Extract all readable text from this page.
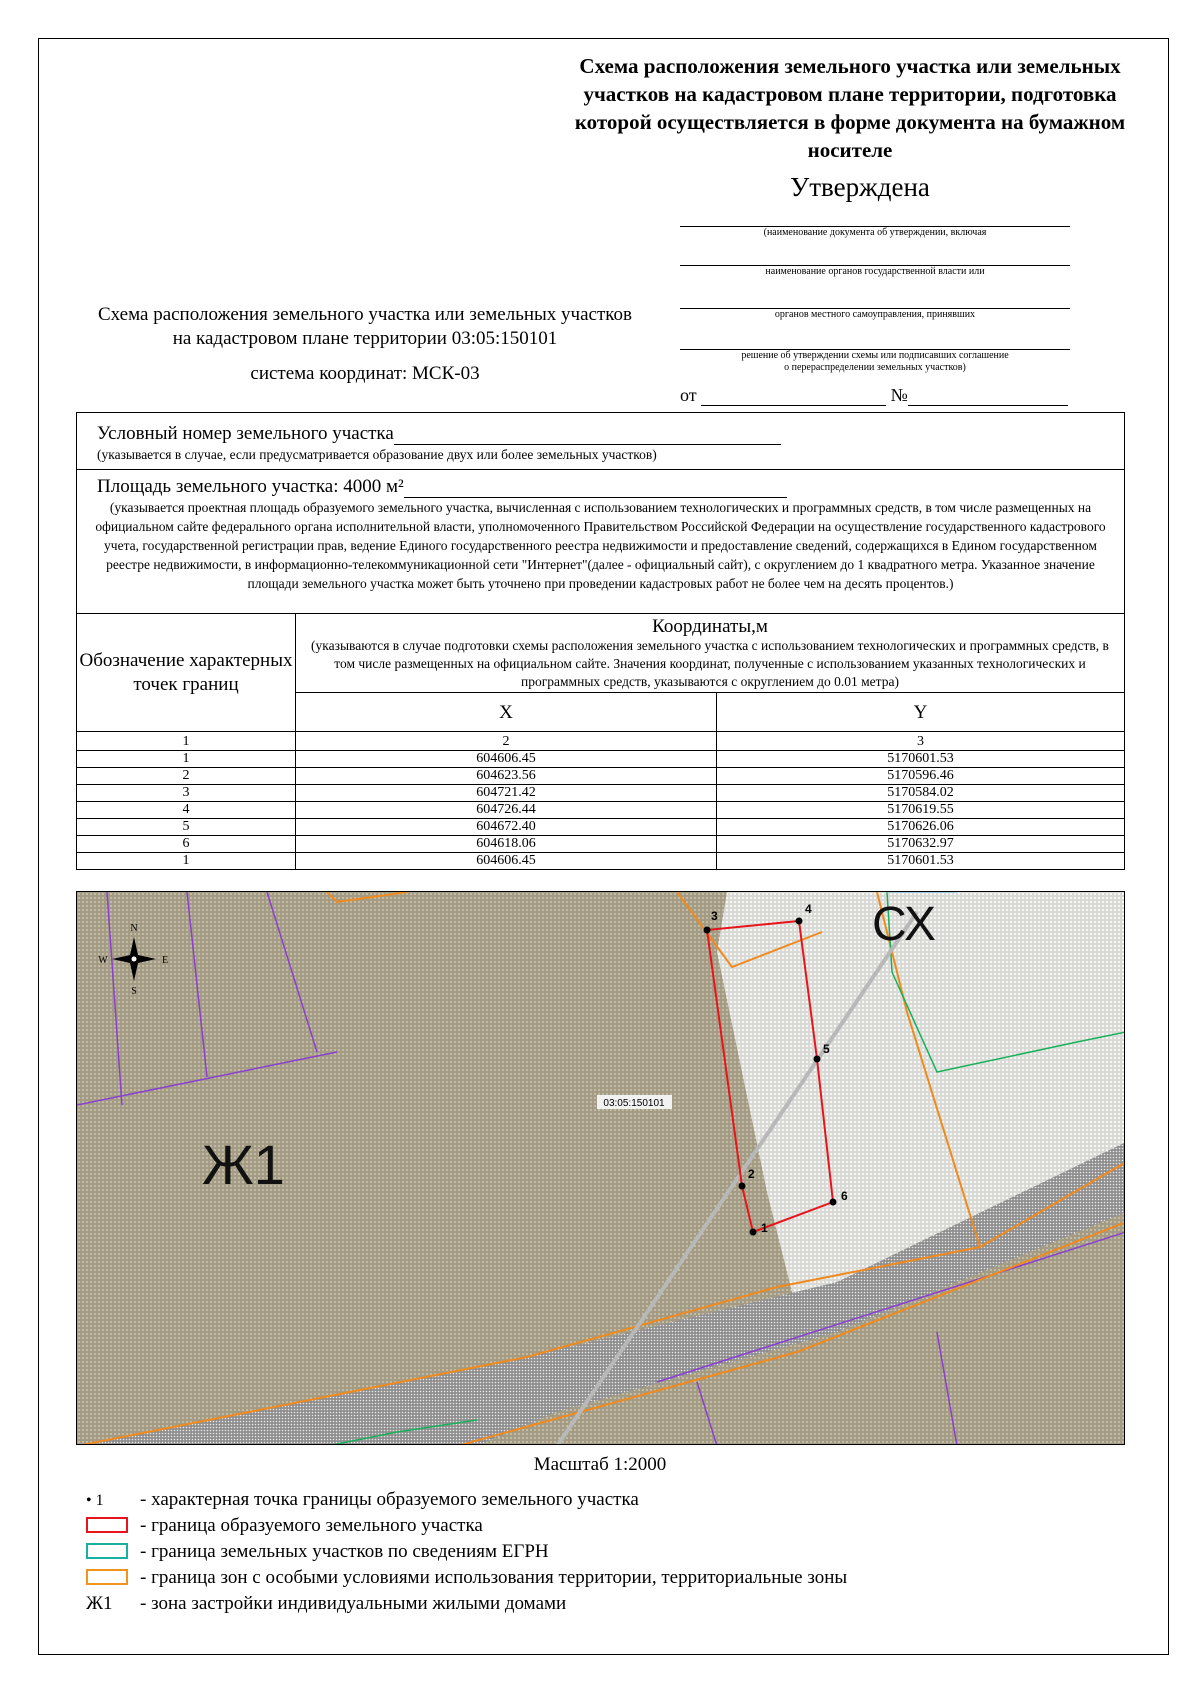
Схема расположения земельного участка или земельных участков на кадастровом плане территории, подготовка которой осуществляется в форме документа на бумажном носителе
Утверждена
(наименование документа об утверждении, включая
наименование органов государственной власти или
органов местного самоуправления, принявших
решение об утверждении схемы или подписавших соглашение
о перераспределении земельных участков)
от	№
Схема расположения земельного участка или земельных участков
на кадастровом плане территории 03:05:150101
система координат: МСК-03
Условный номер земельного участка
(указывается в случае, если предусматривается образование двух или более земельных участков)
Площадь земельного участка: 4000 м²
(указывается проектная площадь образуемого земельного участка, вычисленная с использованием технологических и программных средств, в том числе размещенных на официальном сайте федерального органа исполнительной власти, уполномоченного Правительством Российской Федерации на осуществление государственного кадастрового учета, государственной регистрации прав, ведение Единого государственного реестра недвижимости и предоставление сведений, содержащихся в Едином государственном реестре недвижимости, в информационно-телекоммуникационной сети "Интернет"(далее - официальный сайт), с округлением до 1 квадратного метра. Указанное значение площади земельного участка может быть уточнено при проведении кадастровых работ не более чем на десять процентов.)
Обозначение характерных точек границ	Координаты,м
(указываются в случае подготовки схемы расположения земельного участка с использованием технологических и программных средств, в том числе размещенных на официальном сайте. Значения координат, полученные с использованием указанных технологических и программных средств, указываются с округлением до 0.01 метра)	

	X	Y
1	2	3
1	604606.45	5170601.53
2	604623.56	5170596.46
3	604721.42	5170584.02
4	604726.44	5170619.55
5	604672.40	5170626.06
6	604618.06	5170632.97
1	604606.45	5170601.53
1
2
3	4
5
6
СХ
Ж1
03:05:150101
N
S
W	E
Масштаб 1:2000
• 1 - характерная точка границы образуемого земельного участка
- граница образуемого земельного участка
- граница земельных участков по сведениям ЕГРН
- граница зон с особыми условиями использования территории, территориальные зоны
Ж1 - зона застройки индивидуальными жилыми домами
